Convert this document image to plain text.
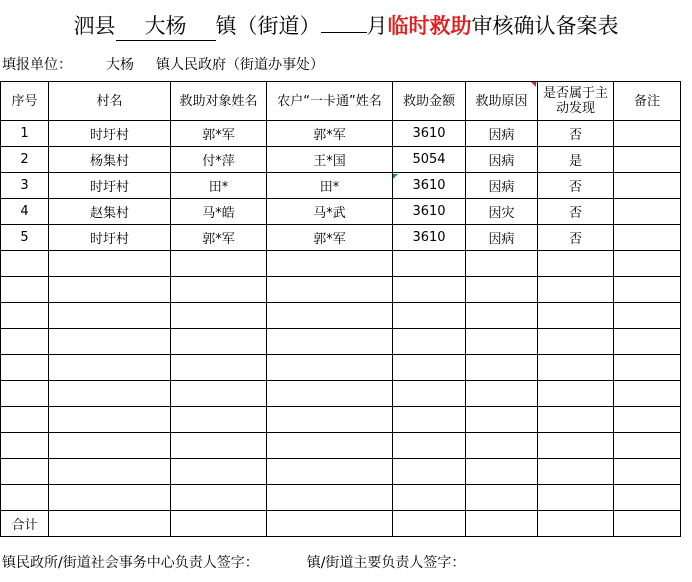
泗县 大杨 镇（街道） 月临时救助审核确认备案表
填报单位： 大杨 镇人民政府（街道办事处）
序号	村名	救助对象姓名	农户“一卡通”姓名	救助金额	救助原因	是否属于主动发现	备注
1	时圩村	郭*军	郭*军	3610	因病	否	
2	杨集村	付*萍	王*国	5054	因病	是	
3	时圩村	田*	田*	3610	因病	否	
4	赵集村	马*皓	马*武	3610	因灾	否	
5	时圩村	郭*军	郭*军	3610	因病	否	

合计							
镇民政所/街道社会事务中心负责人签字：	镇/街道主要负责人签字：
